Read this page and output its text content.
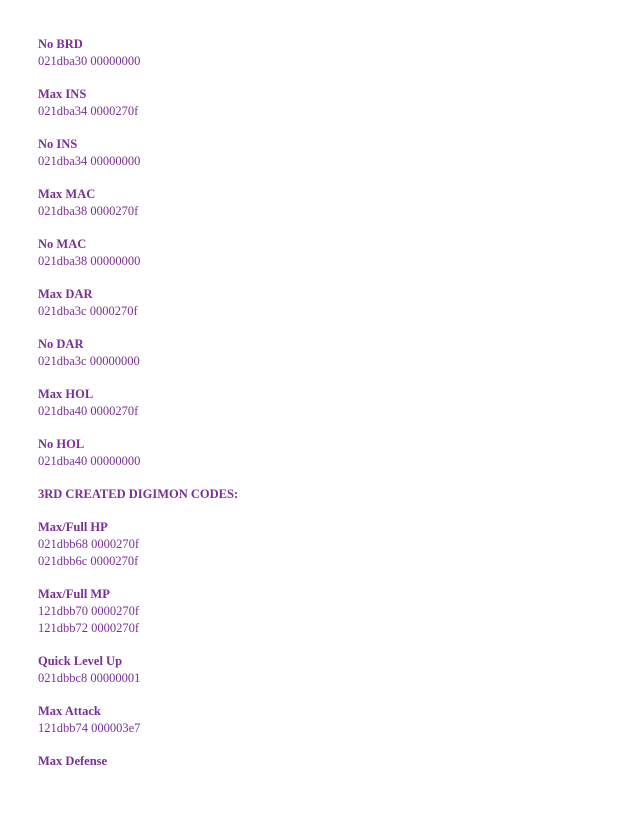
No BRD
021dba30 00000000
Max INS
021dba34 0000270f
No INS
021dba34 00000000
Max MAC
021dba38 0000270f
No MAC
021dba38 00000000
Max DAR
021dba3c 0000270f
No DAR
021dba3c 00000000
Max HOL
021dba40 0000270f
No HOL
021dba40 00000000
3RD CREATED DIGIMON CODES:
Max/Full HP
021dbb68 0000270f
021dbb6c 0000270f
Max/Full MP
121dbb70 0000270f
121dbb72 0000270f
Quick Level Up
021dbbc8 00000001
Max Attack
121dbb74 000003e7
Max Defense
